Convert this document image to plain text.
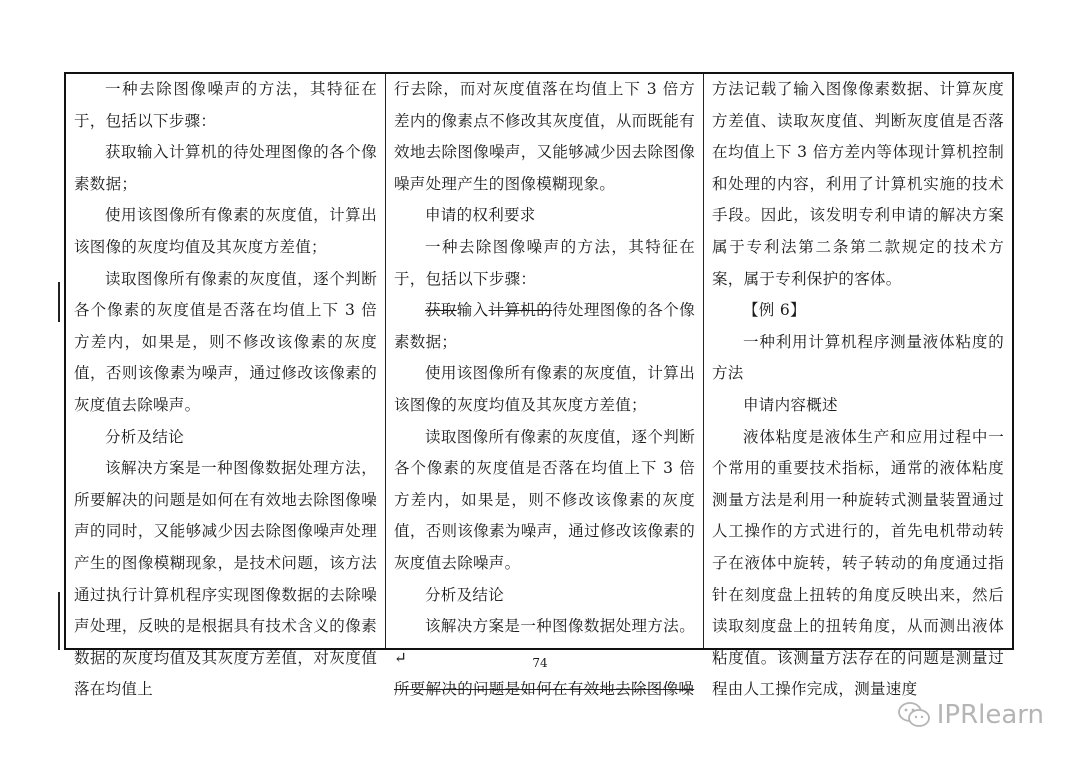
一种去除图像噪声的方法，其特征在于，包括以下步骤：

获取输入计算机的待处理图像的各个像素数据；

使用该图像所有像素的灰度值，计算出该图像的灰度均值及其灰度方差值；

读取图像所有像素的灰度值，逐个判断各个像素的灰度值是否落在均值上下 3 倍方差内，如果是，则不修改该像素的灰度值，否则该像素为噪声，通过修改该像素的灰度值去除噪声。

分析及结论

该解决方案是一种图像数据处理方法，所要解决的问题是如何在有效地去除图像噪声的同时，又能够减少因去除图像噪声处理产生的图像模糊现象，是技术问题，该方法通过执行计算机程序实现图像数据的去除噪声处理，反映的是根据具有技术含义的像素数据的灰度均值及其灰度方差值，对灰度值落在均值上

行去除，而对灰度值落在均值上下 3 倍方差内的像素点不修改其灰度值，从而既能有效地去除图像噪声，又能够减少因去除图像噪声处理产生的图像模糊现象。

申请的权利要求

一种去除图像噪声的方法，其特征在于，包括以下步骤：

获取输入计算机的待处理图像的各个像素数据；

使用该图像所有像素的灰度值，计算出该图像的灰度均值及其灰度方差值；

读取图像所有像素的灰度值，逐个判断各个像素的灰度值是否落在均值上下 3 倍方差内，如果是，则不修改该像素的灰度值，否则该像素为噪声，通过修改该像素的灰度值去除噪声。

分析及结论

该解决方案是一种图像数据处理方法。↵

所要解决的问题是如何在有效地去除图像噪

方法记载了输入图像像素数据、计算灰度方差值、读取灰度值、判断灰度值是否落在均值上下 3 倍方差内等体现计算机控制和处理的内容，利用了计算机实施的技术手段。因此，该发明专利申请的解决方案属于专利法第二条第二款规定的技术方案，属于专利保护的客体。

【例 6】

一种利用计算机程序测量液体粘度的方法

申请内容概述

液体粘度是液体生产和应用过程中一个常用的重要技术指标，通常的液体粘度测量方法是利用一种旋转式测量装置通过人工操作的方式进行的，首先电机带动转子在液体中旋转，转子转动的角度通过指针在刻度盘上扭转的角度反映出来，然后读取刻度盘上的扭转角度，从而测出液体粘度值。该测量方法存在的问题是测量过程由人工操作完成，测量速度

74
IPRlearn
